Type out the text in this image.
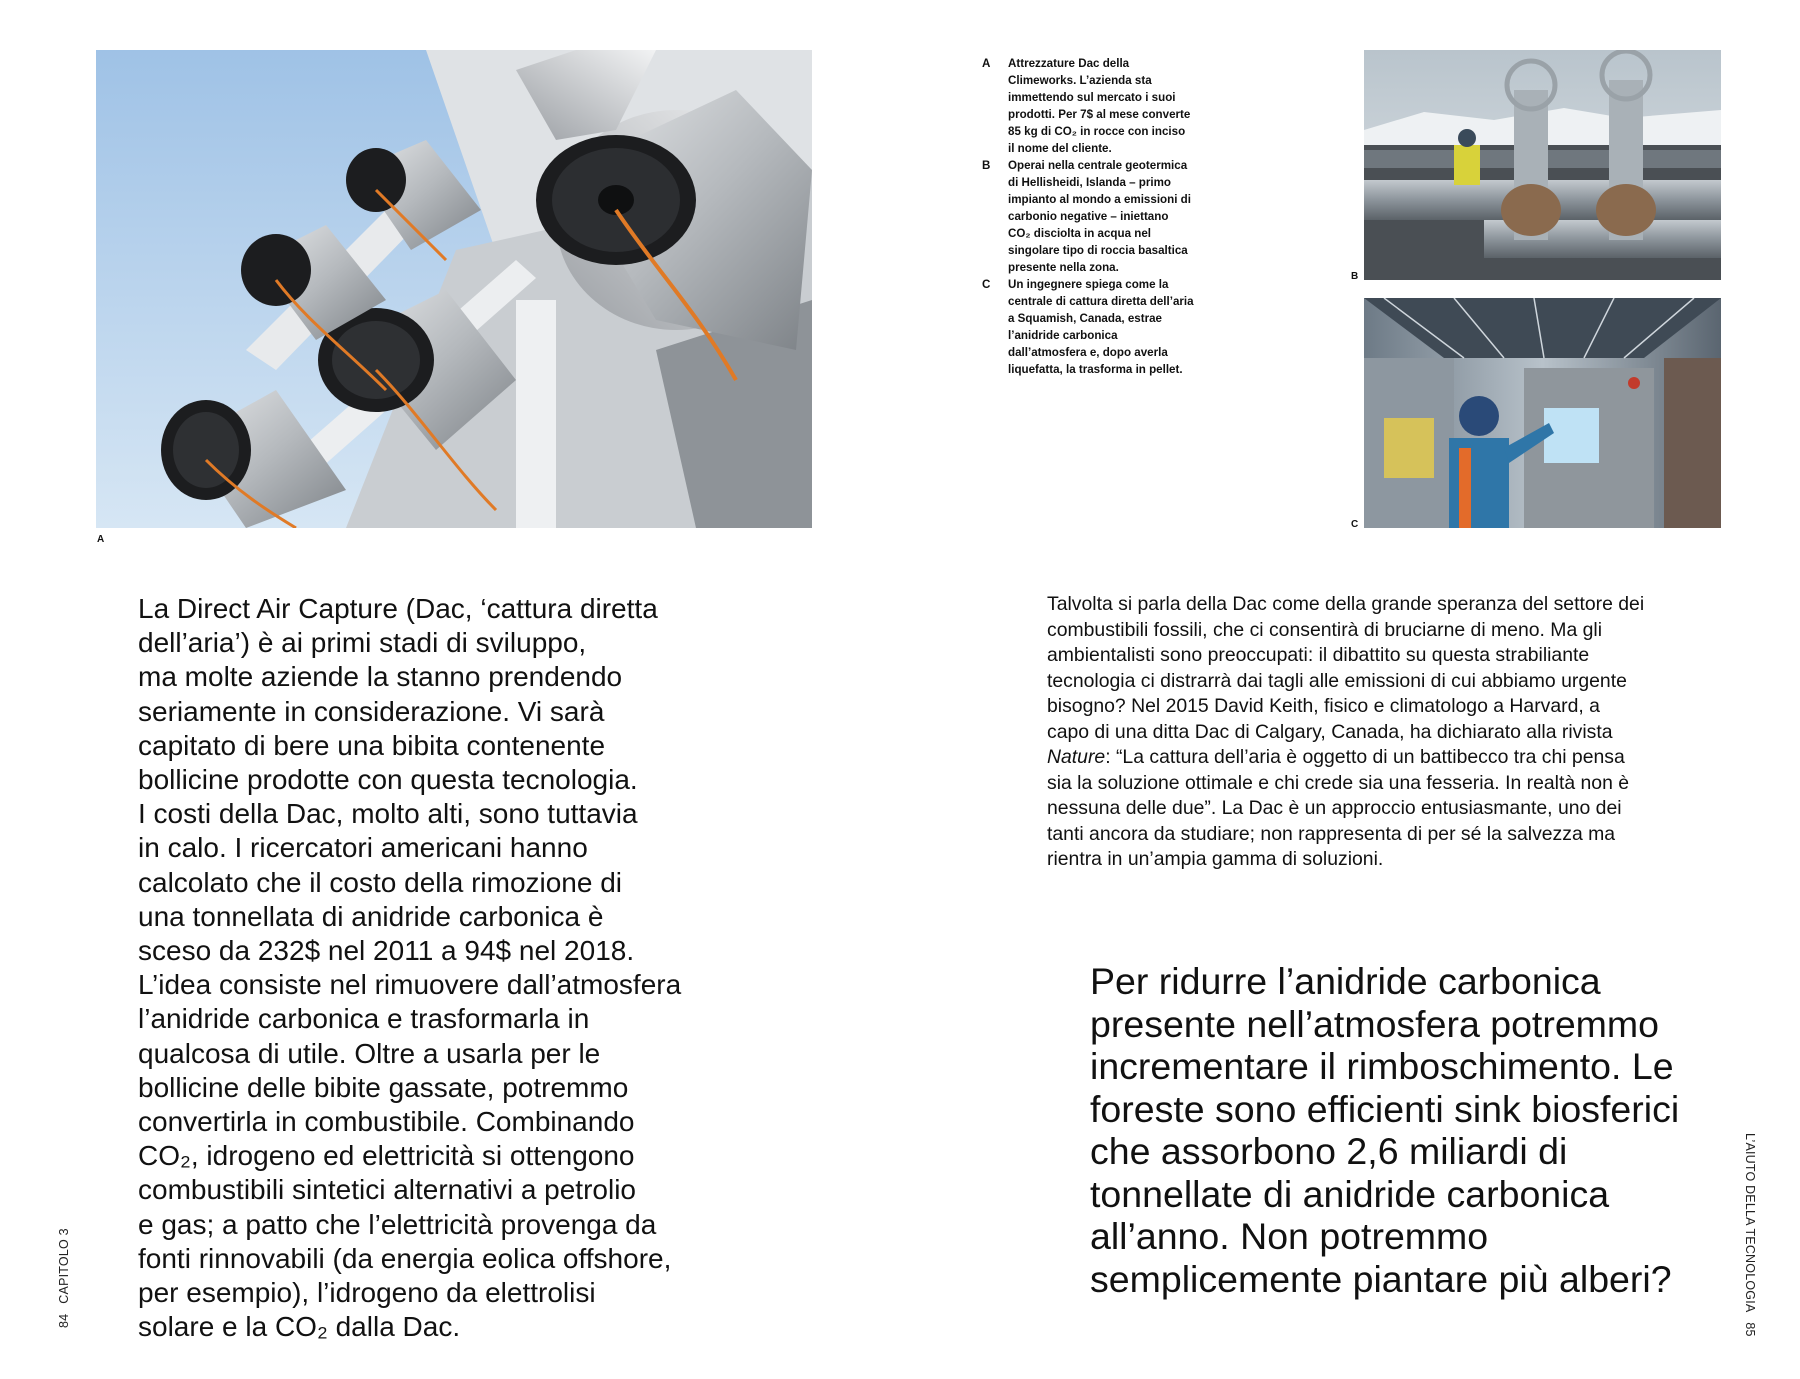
A

La Direct Air Capture (Dac, ‘cattura diretta
dell’aria’) è ai primi stadi di sviluppo,
ma molte aziende la stanno prendendo
seriamente in considerazione. Vi sarà
capitato di bere una bibita contenente
bollicine prodotte con questa tecnologia.
I costi della Dac, molto alti, sono tuttavia
in calo. I ricercatori americani hanno
calcolato che il costo della rimozione di
una tonnellata di anidride carbonica è
sceso da 232$ nel 2011 a 94$ nel 2018.
L’idea consiste nel rimuovere dall’atmosfera
l’anidride carbonica e trasformarla in
qualcosa di utile. Oltre a usarla per le
bollicine delle bibite gassate, potremmo
convertirla in combustibile. Combinando
CO₂, idrogeno ed elettricità si ottengono
combustibili sintetici alternativi a petrolio
e gas; a patto che l’elettricità provenga da
fonti rinnovabili (da energia eolica offshore,
per esempio), l’idrogeno da elettrolisi
solare e la CO₂ dalla Dac.

84CAPITOLO 3
A	Attrezzature Dac della Climeworks. L’azienda sta immettendo sul mercato i suoi prodotti. Per 7$ al mese converte 85 kg di CO₂ in rocce con inciso il nome del cliente.
B	Operai nella centrale geotermica di Hellisheidi, Islanda – primo impianto al mondo a emissioni di carbonio negative – iniettano CO₂ disciolta in acqua nel singolare tipo di roccia basaltica presente nella zona.
C	Un ingegnere spiega come la centrale di cattura diretta dell’aria a Squamish, Canada, estrae l’anidride carbonica dall’atmosfera e, dopo averla liquefatta, la trasforma in pellet.
B
C

Talvolta si parla della Dac come della grande speranza del settore dei combustibili fossili, che ci consentirà di bruciarne di meno. Ma gli ambientalisti sono preoccupati: il dibattito su questa strabiliante tecnologia ci distrarrà dai tagli alle emissioni di cui abbiamo urgente bisogno? Nel 2015 David Keith, fisico e climatologo a Harvard, a capo di una ditta Dac di Calgary, Canada, ha dichiarato alla rivista Nature: “La cattura dell’aria è oggetto di un battibecco tra chi pensa sia la soluzione ottimale e chi crede sia una fesseria. In realtà non è nessuna delle due”. La Dac è un approccio entusiasmante, uno dei tanti ancora da studiare; non rappresenta di per sé la salvezza ma rientra in un’ampia gamma di soluzioni.

Per ridurre l’anidride carbonica presente nell’atmosfera potremmo incrementare il rimboschimento. Le foreste sono efficienti sink biosferici che assorbono 2,6 miliardi di tonnellate di anidride carbonica all’anno. Non potremmo semplicemente piantare più alberi?	L’AIUTO DELLA TECNOLOGIA85
